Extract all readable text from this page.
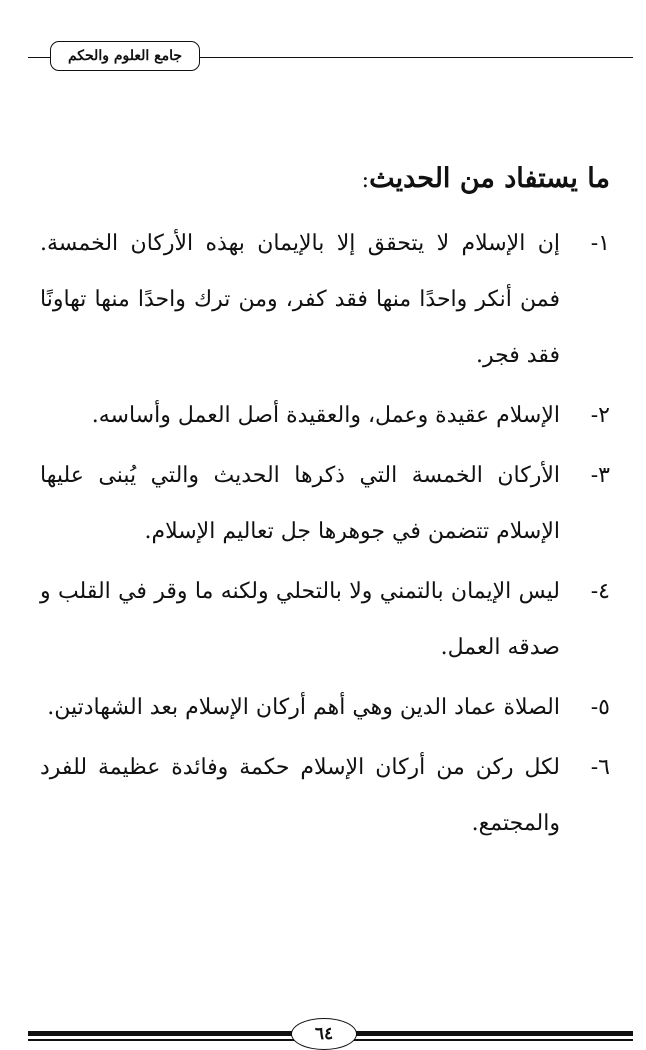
جامع العلوم والحكم
ما يستفاد من الحديث:
١-
إن الإسلام لا يتحقق إلا بالإيمان بهذه الأركان الخمسة. فمن أنكر واحدًا منها فقد كفر، ومن ترك واحدًا منها تهاونًا فقد فجر.
٢-
الإسلام عقيدة وعمل، والعقيدة أصل العمل وأساسه.
٣-
الأركان الخمسة التي ذكرها الحديث والتي يُبنى عليها الإسلام تتضمن في جوهرها جل تعاليم الإسلام.
٤-
ليس الإيمان بالتمني ولا بالتحلي ولكنه ما وقر في القلب و صدقه العمل.
٥-
الصلاة عماد الدين وهي أهم أركان الإسلام بعد الشهادتين.
٦-
لكل ركن من أركان الإسلام حكمة وفائدة عظيمة للفرد والمجتمع.
٦٤
